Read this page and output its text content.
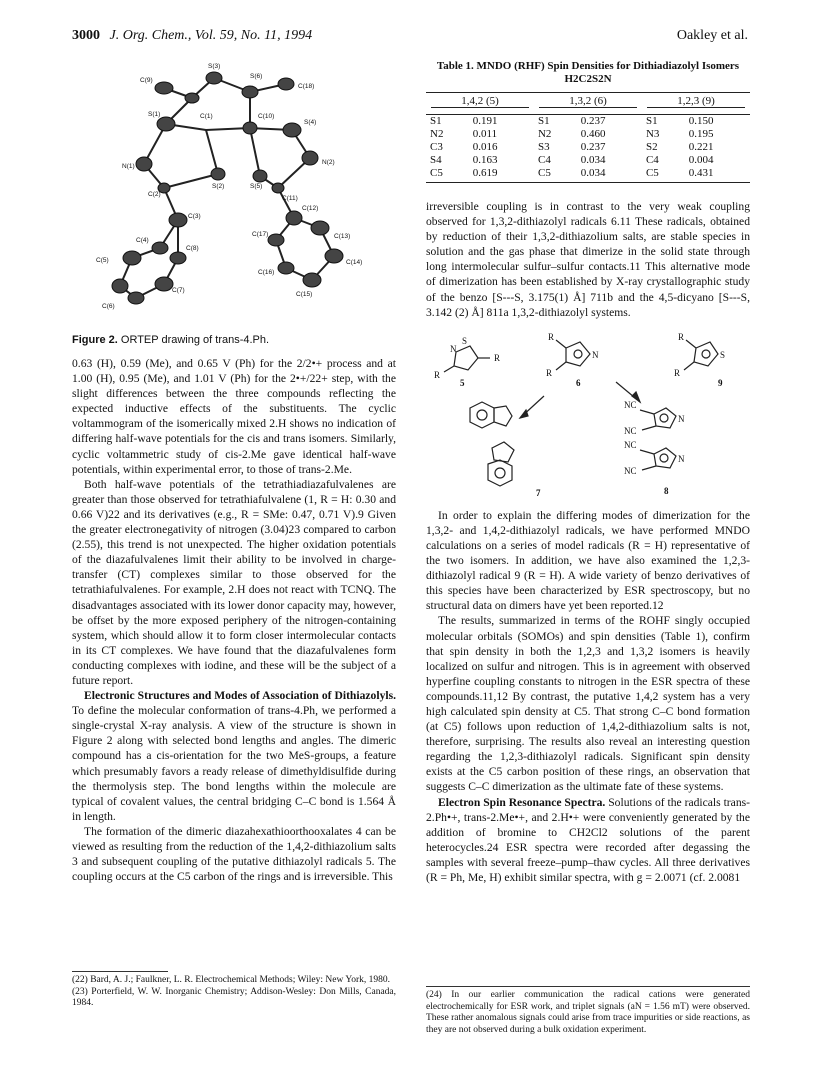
3000 J. Org. Chem., Vol. 59, No. 11, 1994	Oakley et al.
C(9)
S(3)
S(6)
C(18)
S(1)	C(1)	C(10)
S(4)
N(1)
N(2)
C(2)
S(2)	S(5)
C(11)
C(3)
C(12)
C(4)
C(17)	C(13)
C(8)
C(5)	C(14)
C(7)
C(16)
C(15)
C(6)
Figure 2. ORTEP drawing of trans-4.Ph.

0.63 (H), 0.59 (Me), and 0.65 V (Ph) for the 2/2•+ process and at 1.00 (H), 0.95 (Me), and 1.01 V (Ph) for the 2•+/22+ step, with the slight differences between the three compounds reflecting the expected inductive effects of the substituents. The cyclic voltammogram of the isomerically mixed 2.H shows no indication of differing half-wave potentials for the cis and trans isomers. Similarly, cyclic voltammetric study of cis-2.Me gave identical half-wave potentials, within experimental error, to those of trans-2.Me.

Both half-wave potentials of the tetrathiadiazafulvalenes are greater than those observed for tetrathiafulvalene (1, R = H: 0.30 and 0.66 V)22 and its derivatives (e.g., R = SMe: 0.47, 0.71 V).9 Given the greater electronegativity of nitrogen (3.04)23 compared to carbon (2.55), this trend is not unexpected. The higher oxidation potentials of the diazafulvalenes limit their ability to be involved in charge-transfer (CT) complexes similar to those observed for the tetrathiafulvalenes. For example, 2.H does not react with TCNQ. The disadvantages associated with its lower donor capacity may, however, be offset by the more exposed periphery of the nitrogen-containing system, which should allow it to form closer intermolecular contacts in its CT complexes. We have found that the diazafulvalenes form conducting complexes with iodine, and these will be the subject of a future report.

Electronic Structures and Modes of Association of Dithiazolyls. To define the molecular conformation of trans-4.Ph, we performed a single-crystal X-ray analysis. A view of the structure is shown in Figure 2 along with selected bond lengths and angles. The dimeric compound has a cis-orientation for the two MeS-groups, a feature which presumably favors a ready release of dimethyldisulfide during the thermolysis step. The bond lengths within the molecule are typical of covalent values, the central bridging C–C bond is 1.564 Å in length.

The formation of the dimeric diazahexathioorthooxalates 4 can be viewed as resulting from the reduction of the 1,4,2-dithiazolium salts 3 and subsequent coupling of the putative dithiazolyl radicals 5. The coupling occurs at the C5 carbon of the rings and is irreversible. This

(22) Bard, A. J.; Faulkner, L. R. Electrochemical Methods; Wiley: New York, 1980.
(23) Porterfield, W. W. Inorganic Chemistry; Addison-Wesley: Don Mills, Canada, 1984.
Table 1. MNDO (RHF) Spin Densities for Dithiadiazolyl Isomers H2C2S2N
1,4,2 (5)		1,3,2 (6)		1,2,3 (9)	

S1	0.191	S1	0.237	S1	0.150
N2	0.011	N2	0.460	N3	0.195
C3	0.016	S3	0.237	S2	0.221
S4	0.163	C4	0.034	C4	0.004
C5	0.619	C5	0.034	C5	0.431

irreversible coupling is in contrast to the very weak coupling observed for 1,3,2-dithiazolyl radicals 6.11 These radicals, obtained by reduction of their 1,3,2-dithiazolium salts, are stable species in solution and the gas phase that dimerize in the solid state through long intermolecular sulfur–sulfur contacts.11 This alternative mode of dimerization has been established by X-ray crystallographic study of the benzo [S---S, 3.175(1) Å] 711b and the 4,5-dicyano [S---S, 3.142 (2) Å] 811a 1,3,2-dithiazolyl systems.

S
N
R
R
5
R
R
N
6
R
R
S
9
7
NC
NC
NC
NC
N
N
8

In order to explain the differing modes of dimerization for the 1,3,2- and 1,4,2-dithiazolyl radicals, we have performed MNDO calculations on a series of model radicals (R = H) representative of the two isomers. In addition, we have also examined the 1,2,3-dithiazolyl radical 9 (R = H). A wide variety of benzo derivatives of this species have been characterized by ESR spectroscopy, but no structural data on dimers have yet been reported.12

The results, summarized in terms of the ROHF singly occupied molecular orbitals (SOMOs) and spin densities (Table 1), confirm that spin density in both the 1,2,3 and 1,3,2 isomers is heavily localized on sulfur and nitrogen. This is in agreement with observed hyperfine coupling constants to nitrogen in the ESR spectra of these compounds.11,12 By contrast, the putative 1,4,2 system has a very high calculated spin density at C5. That strong C–C bond formation (at C5) follows upon reduction of 1,4,2-dithiazolium salts is not, therefore, surprising. The results also reveal an interesting question regarding the 1,2,3-dithiazolyl radicals. Significant spin density exists at the C5 carbon position of these rings, an observation that suggests C–C dimerization as the ultimate fate of these systems.

Electron Spin Resonance Spectra. Solutions of the radicals trans-2.Ph•+, trans-2.Me•+, and 2.H•+ were conveniently generated by the addition of bromine to CH2Cl2 solutions of the parent heterocycles.24 ESR spectra were recorded after degassing the samples with several freeze–pump–thaw cycles. All three derivatives (R = Ph, Me, H) exhibit similar spectra, with g = 2.0071 (cf. 2.0081

(24) In our earlier communication the radical cations were generated electrochemically for ESR work, and triplet signals (aN = 1.56 mT) were observed. These rather anomalous signals could arise from trace impurities or side reactions, as they are not observed during a bulk oxidation experiment.
